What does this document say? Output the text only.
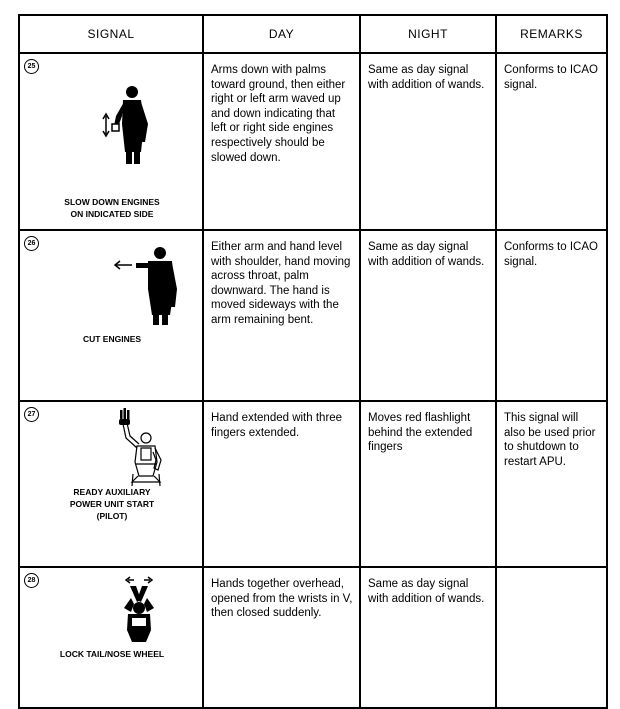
SIGNAL	DAY	NIGHT	REMARKS

25
SLOW DOWN ENGINES
ON INDICATED SIDE	Arms down with palms toward ground, then either right or left arm waved up and down indicating that left or right side engines respectively should be slowed down.	Same as day signal with addition of wands.	Conforms to ICAO signal.

26
CUT ENGINES	Either arm and hand level with shoulder, hand moving across throat, palm downward. The hand is moved sideways with the arm remaining bent.	Same as day signal with addition of wands.	Conforms to ICAO signal.

27
READY AUXILIARY
POWER UNIT START
(PILOT)	Hand extended with three fingers extended.	Moves red flashlight behind the extended fingers	This signal will also be used prior to shutdown to restart APU.

28
LOCK TAIL/NOSE WHEEL	Hands together overhead, opened from the wrists in V, then closed suddenly.	Same as day signal with addition of wands.	
